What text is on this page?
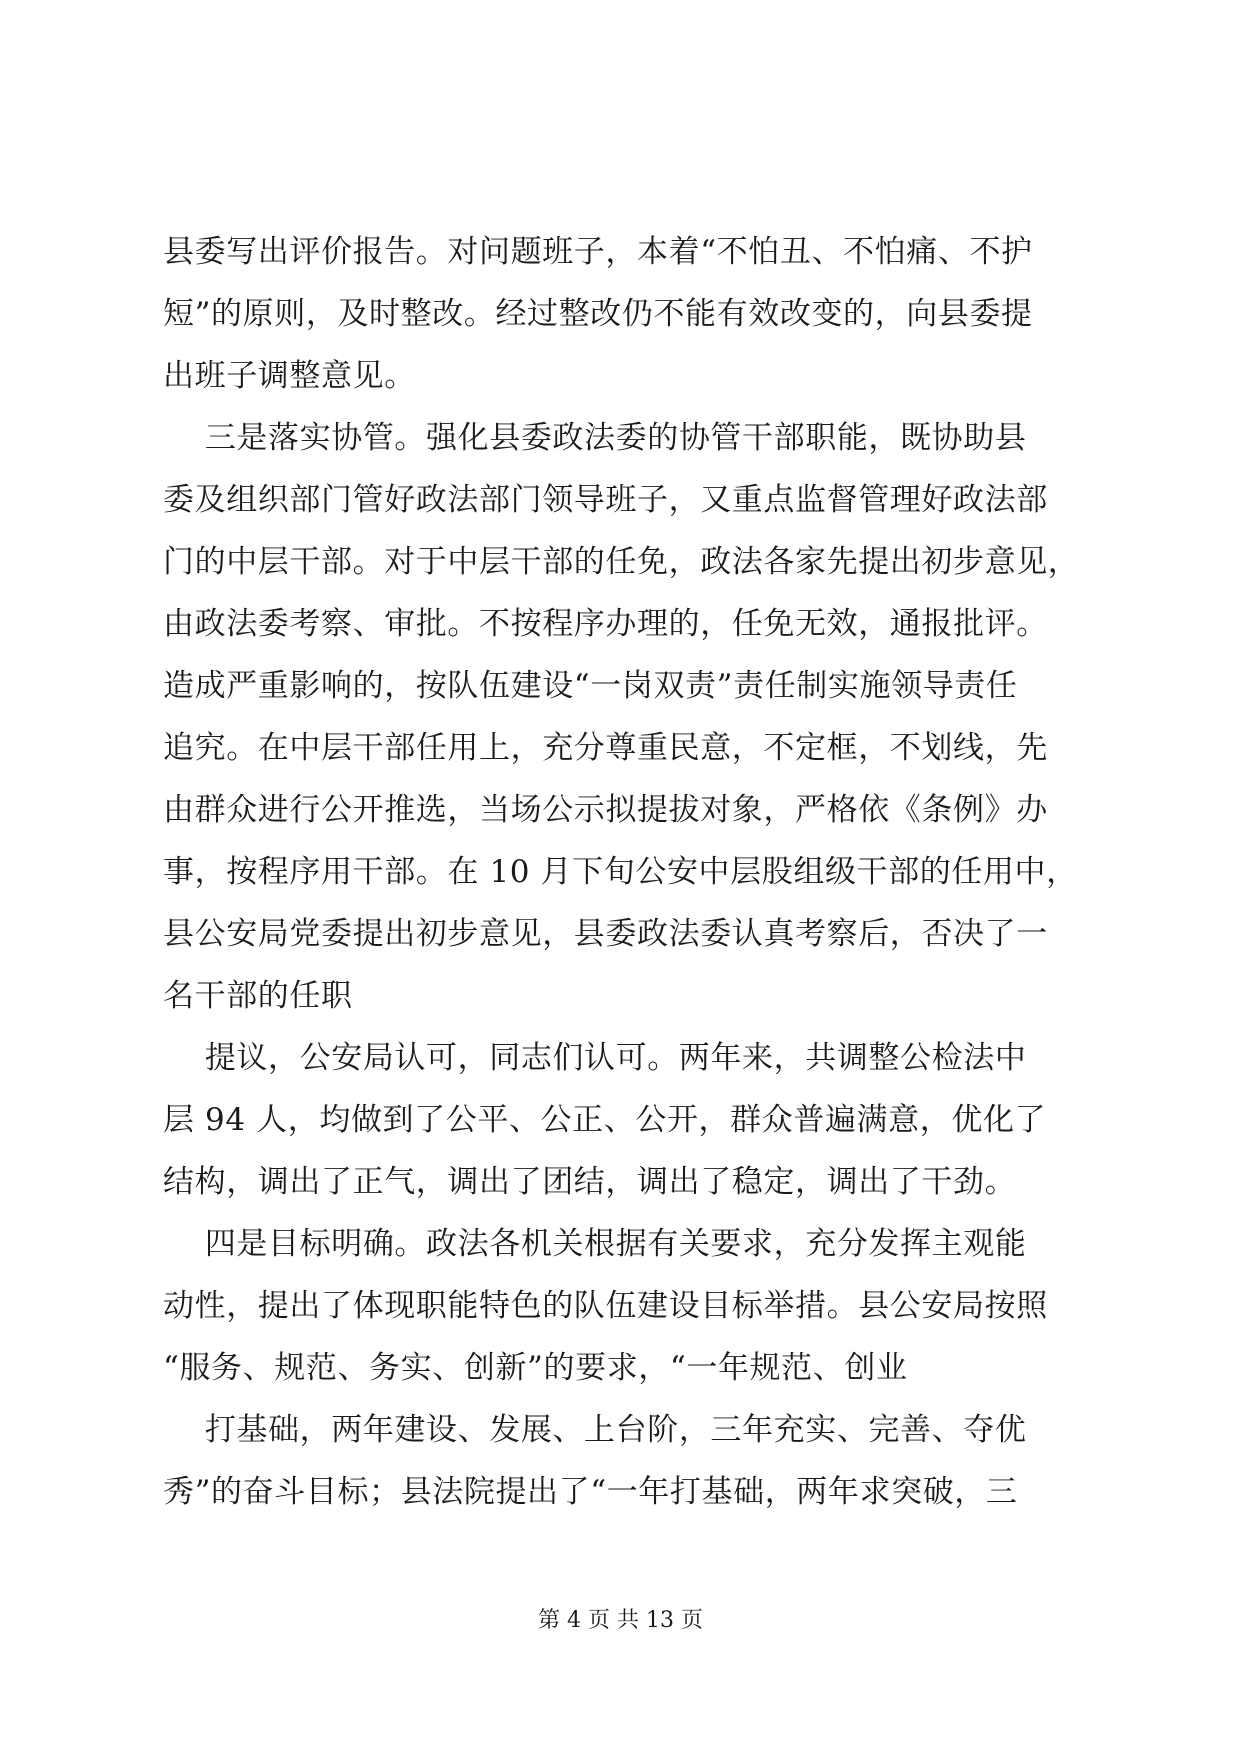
县委写出评价报告。对问题班子，本着“不怕丑、不怕痛、不护
短”的原则，及时整改。经过整改仍不能有效改变的，向县委提
出班子调整意见。
三是落实协管。强化县委政法委的协管干部职能，既协助县
委及组织部门管好政法部门领导班子，又重点监督管理好政法部
门的中层干部。对于中层干部的任免，政法各家先提出初步意见，
由政法委考察、审批。不按程序办理的，任免无效，通报批评。
造成严重影响的，按队伍建设“一岗双责”责任制实施领导责任
追究。在中层干部任用上，充分尊重民意，不定框，不划线，先
由群众进行公开推选，当场公示拟提拔对象，严格依《条例》办
事，按程序用干部。在 10 月下旬公安中层股组级干部的任用中，
县公安局党委提出初步意见，县委政法委认真考察后，否决了一
名干部的任职
提议，公安局认可，同志们认可。两年来，共调整公检法中
层 94 人，均做到了公平、公正、公开，群众普遍满意，优化了
结构，调出了正气，调出了团结，调出了稳定，调出了干劲。
四是目标明确。政法各机关根据有关要求，充分发挥主观能
动性，提出了体现职能特色的队伍建设目标举措。县公安局按照
“服务、规范、务实、创新”的要求，“一年规范、创业
打基础，两年建设、发展、上台阶，三年充实、完善、夺优
秀”的奋斗目标；县法院提出了“一年打基础，两年求突破，三
第 4 页 共 13 页
